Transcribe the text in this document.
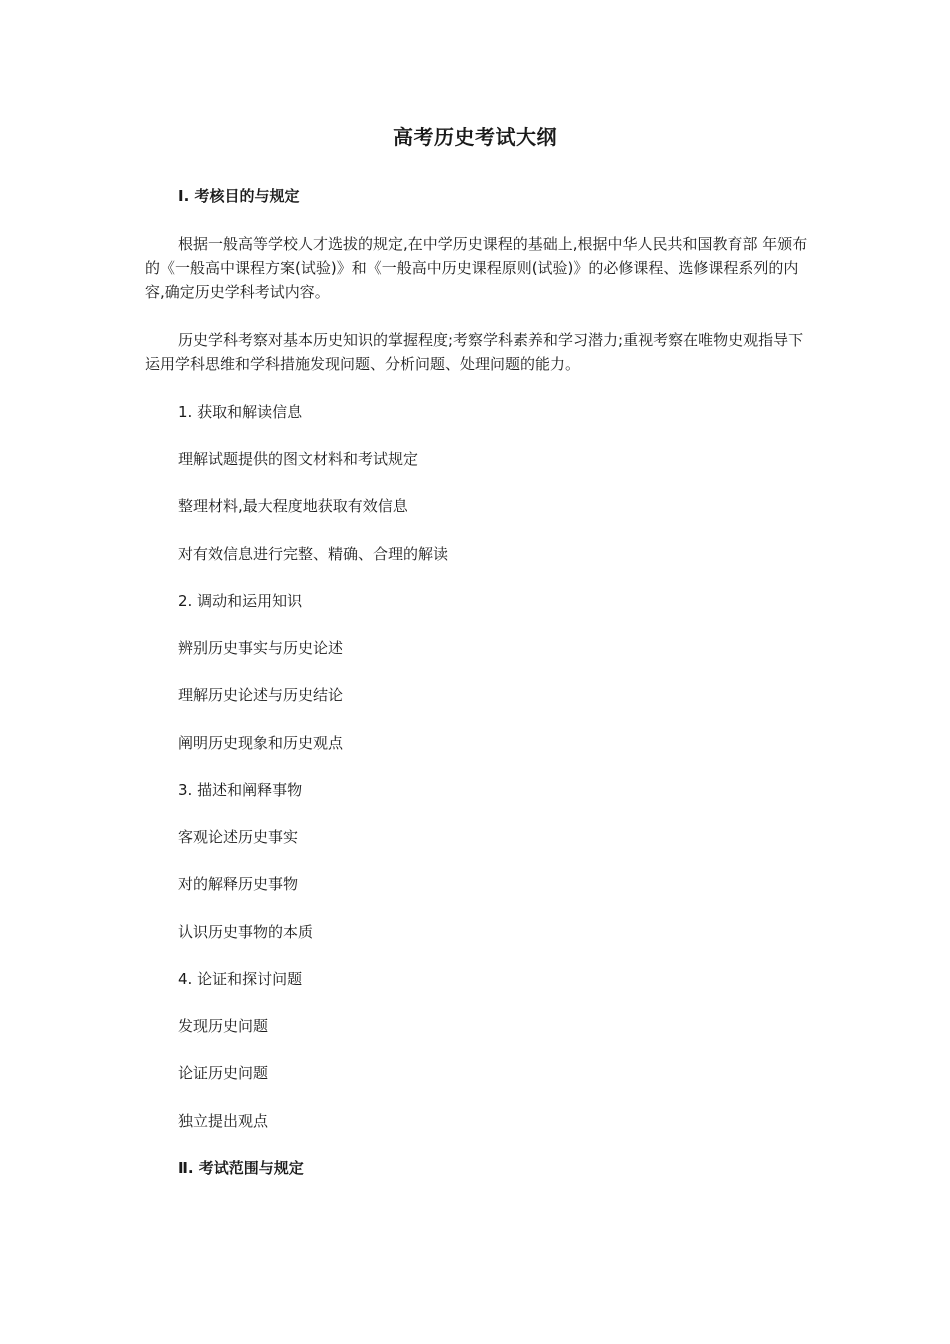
高考历史考试大纲
Ⅰ. 考核目的与规定

根据一般高等学校人才选拔的规定,在中学历史课程的基础上,根据中华人民共和国教育部 年颁布的《一般高中课程方案(试验)》和《一般高中历史课程原则(试验)》的必修课程、选修课程系列的内容,确定历史学科考试内容。

历史学科考察对基本历史知识的掌握程度;考察学科素养和学习潜力;重视考察在唯物史观指导下运用学科思维和学科措施发现问题、分析问题、处理问题的能力。

1. 获取和解读信息
理解试题提供的图文材料和考试规定
整理材料,最大程度地获取有效信息
对有效信息进行完整、精确、合理的解读
2. 调动和运用知识
辨别历史事实与历史论述
理解历史论述与历史结论
阐明历史现象和历史观点
3. 描述和阐释事物
客观论述历史事实
对的解释历史事物
认识历史事物的本质
4. 论证和探讨问题
发现历史问题
论证历史问题
独立提出观点
Ⅱ. 考试范围与规定
